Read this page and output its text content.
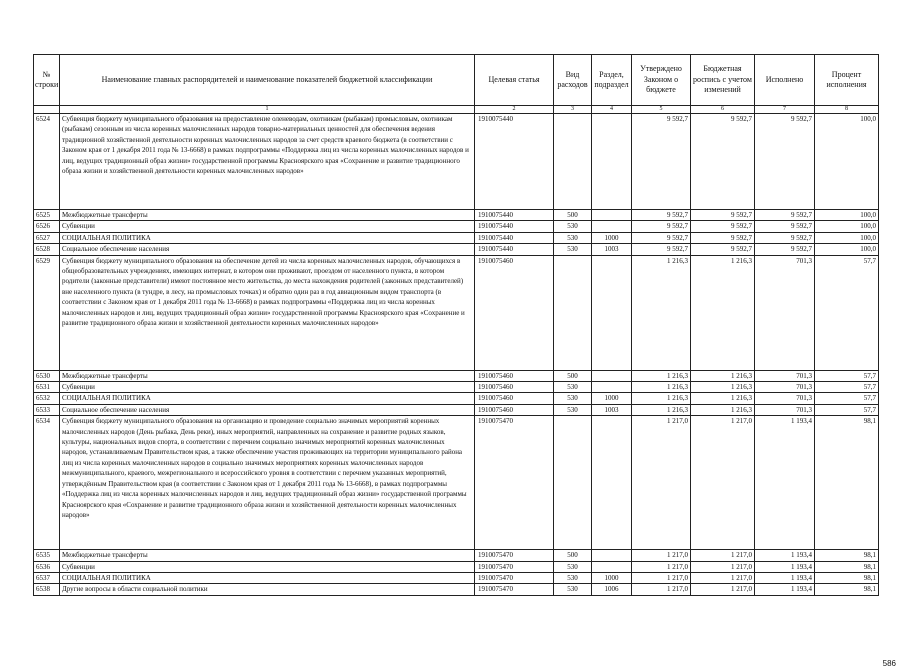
№ строки	Наименование главных распорядителей и наименование показателей бюджетной классификации	Целевая статья	Вид расходов	Раздел, подраздел	Утверждено Законом о бюджете	Бюджетная роспись с учетом изменений	Исполнено	Процент исполнения
	1	2	3	4	5	6	7	8
6524	Субвенция бюджету муниципального образования на предоставление оленеводам, охотникам (рыбакам) промысловым, охотникам (рыбакам) сезонным из числа коренных малочисленных народов товарно-материальных ценностей для обеспечения ведения традиционной хозяйственной деятельности коренных малочисленных народов за счет средств краевого бюджета (в соответствии с Законом края от 1 декабря 2011 года № 13-6668) в рамках подпрограммы «Поддержка лиц из числа коренных малочисленных народов и лиц, ведущих традиционный образ жизни» государственной программы Красноярского края «Сохранение и развитие традиционного образа жизни и хозяйственной деятельности коренных малочисленных народов»	1910075440			9 592,7	9 592,7	9 592,7	100,0
6525	Межбюджетные трансферты	1910075440	500		9 592,7	9 592,7	9 592,7	100,0
6526	Субвенции	1910075440	530		9 592,7	9 592,7	9 592,7	100,0
6527	СОЦИАЛЬНАЯ ПОЛИТИКА	1910075440	530	1000	9 592,7	9 592,7	9 592,7	100,0
6528	Социальное обеспечение населения	1910075440	530	1003	9 592,7	9 592,7	9 592,7	100,0
6529	Субвенция бюджету муниципального образования на обеспечение детей из числа коренных малочисленных народов, обучающихся в общеобразовательных учреждениях, имеющих интернат, в котором они проживают, проездом от населенного пункта, в котором родители (законные представители) имеют постоянное место жительства, до места нахождения родителей (законных представителей) вне населенного пункта (в тундре, в лесу, на промысловых точках) и обратно один раз в год авиационным видом транспорта (в соответствии с Законом края от 1 декабря 2011 года № 13-6668) в рамках подпрограммы «Поддержка лиц из числа коренных малочисленных народов и лиц, ведущих традиционный образ жизни» государственной программы Красноярского края «Сохранение и развитие традиционного образа жизни и хозяйственной деятельности коренных малочисленных народов»	1910075460			1 216,3	1 216,3	701,3	57,7
6530	Межбюджетные трансферты	1910075460	500		1 216,3	1 216,3	701,3	57,7
6531	Субвенции	1910075460	530		1 216,3	1 216,3	701,3	57,7
6532	СОЦИАЛЬНАЯ ПОЛИТИКА	1910075460	530	1000	1 216,3	1 216,3	701,3	57,7
6533	Социальное обеспечение населения	1910075460	530	1003	1 216,3	1 216,3	701,3	57,7
6534	Субвенция бюджету муниципального образования на организацию и проведение социально значимых мероприятий коренных малочисленных народов (День рыбака, День реки), иных мероприятий, направленных на сохранение и развитие родных языков, культуры, национальных видов спорта, в соответствии с перечнем социально значимых мероприятий коренных малочисленных народов, устанавливаемым Правительством края, а также обеспечение участия проживающих на территории муниципального района лиц из числа коренных малочисленных народов в социально значимых мероприятиях коренных малочисленных народов межмуниципального, краевого, межрегионального и всероссийского уровня в соответствии с перечнем указанных мероприятий, утверждённым Правительством края (в соответствии с Законом края от 1 декабря 2011 года № 13-6668), в рамках подпрограммы «Поддержка лиц из числа коренных малочисленных народов и лиц, ведущих традиционный образ жизни» государственной программы Красноярского края «Сохранение и развитие традиционного образа жизни и хозяйственной деятельности коренных малочисленных народов»	1910075470			1 217,0	1 217,0	1 193,4	98,1
6535	Межбюджетные трансферты	1910075470	500		1 217,0	1 217,0	1 193,4	98,1
6536	Субвенции	1910075470	530		1 217,0	1 217,0	1 193,4	98,1
6537	СОЦИАЛЬНАЯ ПОЛИТИКА	1910075470	530	1000	1 217,0	1 217,0	1 193,4	98,1
6538	Другие вопросы в области социальной политики	1910075470	530	1006	1 217,0	1 217,0	1 193,4	98,1
586
